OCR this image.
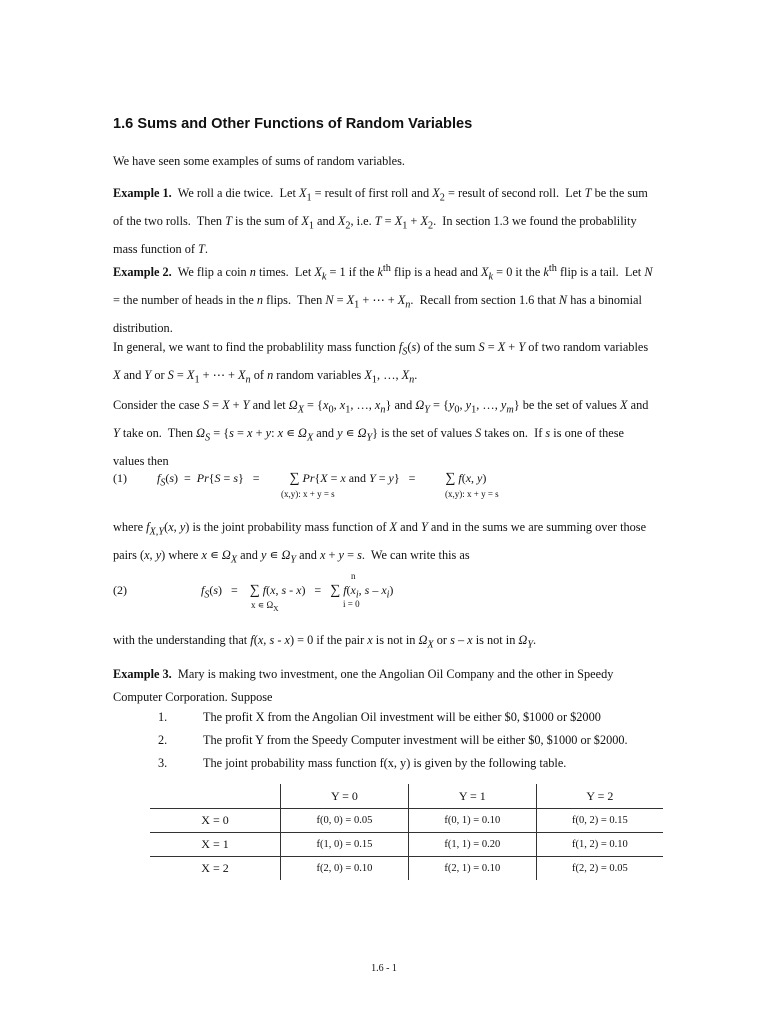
1.6 Sums and Other Functions of Random Variables
We have seen some examples of sums of random variables.
Example 1.  We roll a die twice.  Let $X_1$ = result of first roll and $X_2$ = result of second roll.  Let T be the sum of the two rolls.  Then T is the sum of $X_1$ and $X_2$, i.e. $T = X_1 + X_2$.  In section 1.3 we found the probablility mass function of T.
Example 2.  We flip a coin n times.  Let $X_k = 1$ if the $k^{th}$ flip is a head and $X_k = 0$ it the $k^{th}$ flip is a tail.  Let N = the number of heads in the n flips.  Then $N = X_1$ + ⋯ + $X_n$.  Recall from section 1.6 that N has a binomial distribution.
In general, we want to find the probablility mass function $f_S(s)$ of the sum S = X + Y of two random variables X and Y or $S = X_1$ + ⋯ + $X_n$ of n random variables $X_1$, …, $X_n$.
Consider the case S = X + Y and let $\Omega_X = \{x_0$, $x_1$, …, $x_n$} and $\Omega_Y = \{y_0$, $y_1$, …, $y_m$} be the set of values X and Y take on.  Then $\Omega_S = \{s = x + y$: x ∊ $\Omega_X$ and y ∊ $\Omega_Y$} is the set of values S takes on.  If s is one of these values then
(1)	$f_S(s) = Pr\{S = s\}$   =          ∑ Pr{X = x and Y = y}   =          ∑ f(x, y)
(x,y): x + y = s	(x,y): x + y = s
where $f_{X,Y}(x$, y) is the joint probability mass function of X and Y and in the sums we are summing over those pairs (x, y) where x ∊ $\Omega_X$ and y ∊ $\Omega_Y$ and x + y = s.  We can write this as
n
(2)	$f_S(s)$   =    ∑ f(x, s - x)   =   ∑ $f(x_i$, s – $x_i$)
x ∊ $\Omega_X$	i = 0
with the understanding that f(x, s - x) = 0 if the pair x is not in $\Omega_X$ or s – x is not in $\Omega_Y$.
Example 3. Mary is making two investment, one the Angolian Oil Company and the other in Speedy Computer Corporation. Suppose
1.	The profit X from the Angolian Oil investment will be either $0, $1000 or $2000
2.	The profit Y from the Speedy Computer investment will be either $0, $1000 or $2000.
3.	The joint probability mass function f(x, y) is given by the following table.
	Y = 0	Y = 1	Y = 2
X = 0	f(0, 0) = 0.05	f(0, 1) = 0.10	f(0, 2) = 0.15
X = 1	f(1, 0) = 0.15	f(1, 1) = 0.20	f(1, 2) = 0.10
X = 2	f(2, 0) = 0.10	f(2, 1) = 0.10	f(2, 2) = 0.05
1.6 - 1
